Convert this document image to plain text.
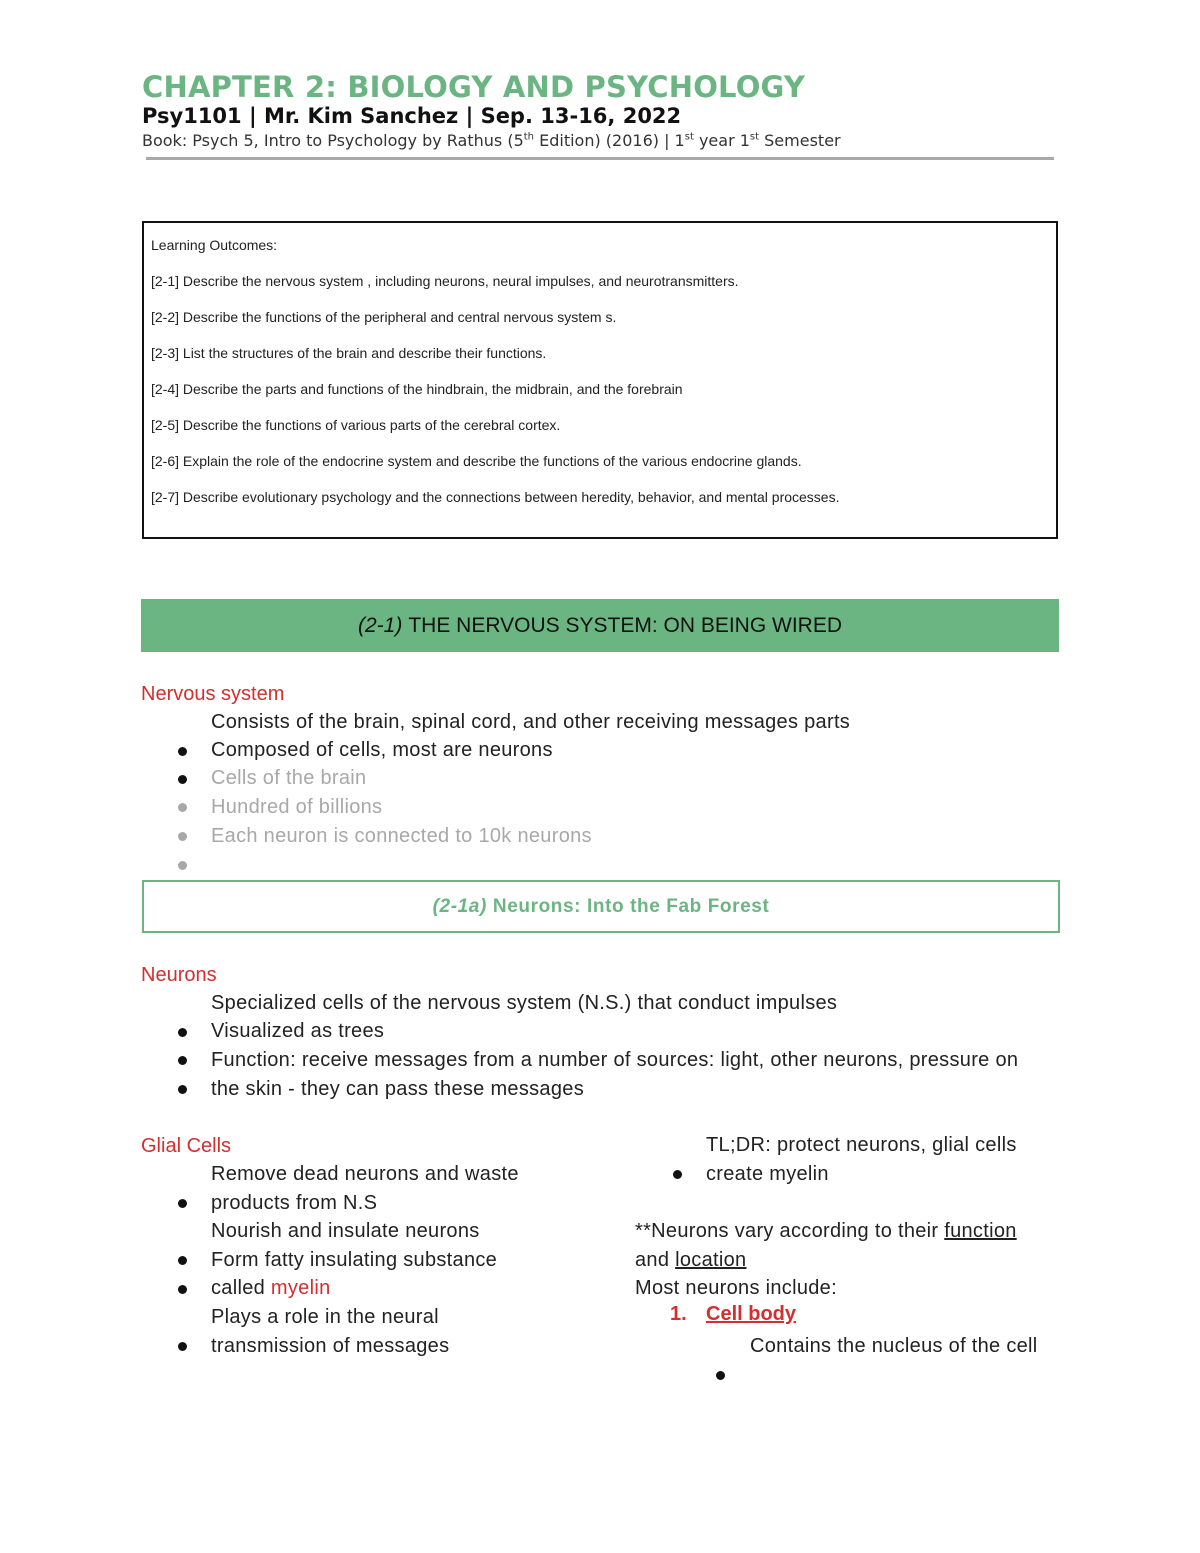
CHAPTER 2: BIOLOGY AND PSYCHOLOGY
Psy1101 | Mr. Kim Sanchez | Sep. 13-16, 2022
Book: Psych 5, Intro to Psychology by Rathus (5th Edition) (2016) | 1st year 1st Semester
Learning Outcomes:
[2-1] Describe the nervous system , including neurons, neural impulses, and neurotransmitters.
[2-2] Describe the functions of the peripheral and central nervous system s.
[2-3] List the structures of the brain and describe their functions.
[2-4] Describe the parts and functions of the hindbrain, the midbrain, and the forebrain
[2-5] Describe the functions of various parts of the cerebral cortex.
[2-6] Explain the role of the endocrine system and describe the functions of the various endocrine glands.
[2-7] Describe evolutionary psychology and the connections between heredity, behavior, and mental processes.
(2-1) THE NERVOUS SYSTEM: ON BEING WIRED
Nervous system
Consists of the brain, spinal cord, and other receiving messages parts
Composed of cells, most are neurons
Cells of the brain
Hundred of billions
Each neuron is connected to 10k neurons
(2-1a) Neurons: Into the Fab Forest
Neurons
Specialized cells of the nervous system (N.S.) that conduct impulses
Visualized as trees
Function: receive messages from a number of sources: light, other neurons, pressure on
the skin - they can pass these messages
Glial Cells
Remove dead neurons and waste
products from N.S
Nourish and insulate neurons
Form fatty insulating substance
called myelin
Plays a role in the neural
transmission of messages
TL;DR: protect neurons, glial cells
create myelin
**Neurons vary according to their function
and location
Most neurons include:
1. Cell body
Contains the nucleus of the cell
